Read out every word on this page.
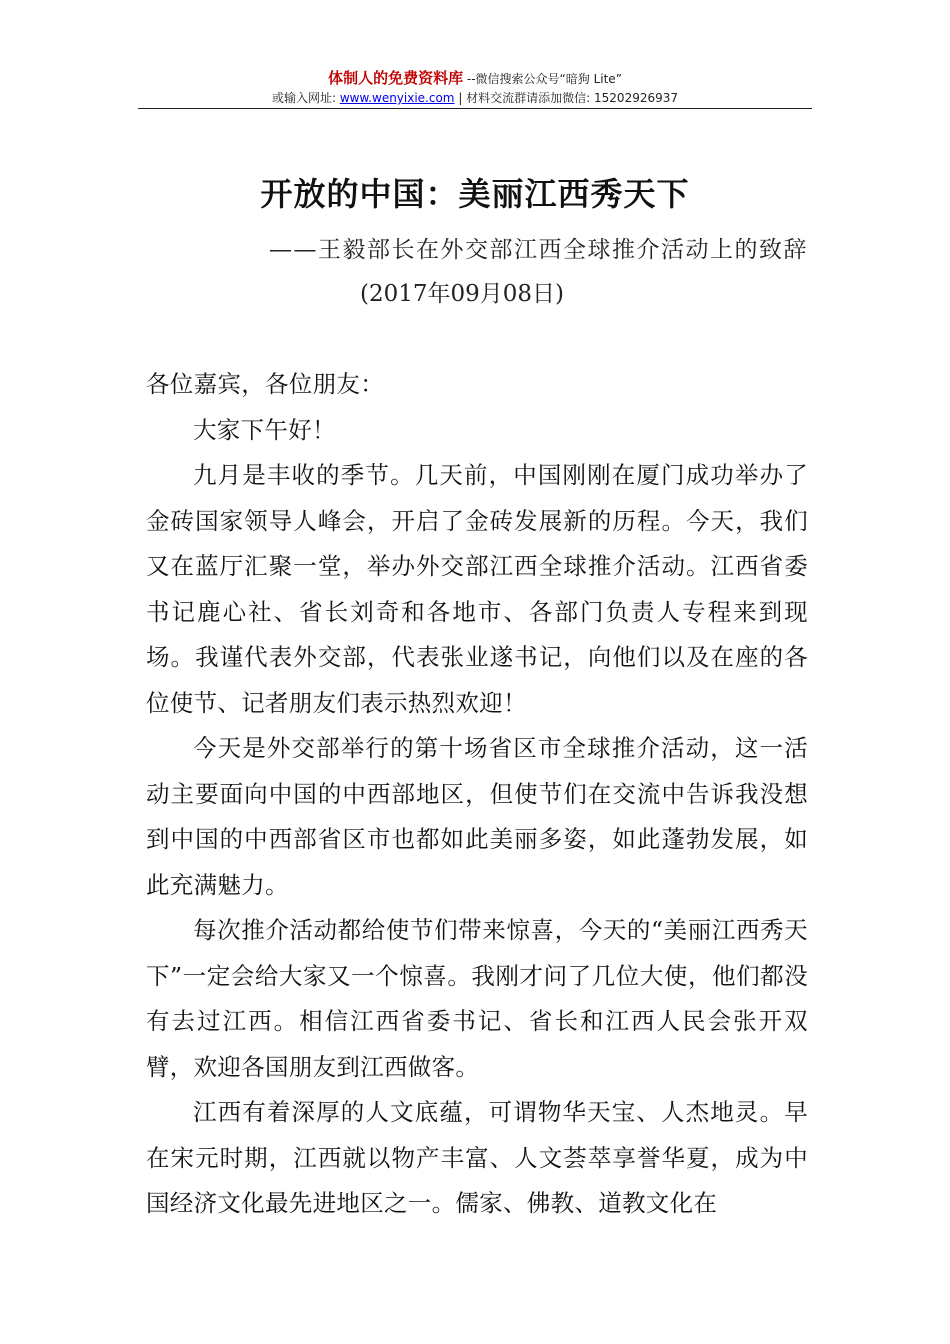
体制人的免费资料库 --微信搜索公众号“暗狗 Lite”
或输入网址: www.wenyixie.com | 材料交流群请添加微信: 15202926937
开放的中国：美丽江西秀天下
——王毅部长在外交部江西全球推介活动上的致辞
(2017年09月08日)

各位嘉宾，各位朋友：

大家下午好！

九月是丰收的季节。几天前，中国刚刚在厦门成功举办了金砖国家领导人峰会，开启了金砖发展新的历程。今天，我们又在蓝厅汇聚一堂，举办外交部江西全球推介活动。江西省委书记鹿心社、省长刘奇和各地市、各部门负责人专程来到现场。我谨代表外交部，代表张业遂书记，向他们以及在座的各位使节、记者朋友们表示热烈欢迎！

今天是外交部举行的第十场省区市全球推介活动，这一活动主要面向中国的中西部地区，但使节们在交流中告诉我没想到中国的中西部省区市也都如此美丽多姿，如此蓬勃发展，如此充满魅力。

每次推介活动都给使节们带来惊喜，今天的“美丽江西秀天下”一定会给大家又一个惊喜。我刚才问了几位大使，他们都没有去过江西。相信江西省委书记、省长和江西人民会张开双臂，欢迎各国朋友到江西做客。

江西有着深厚的人文底蕴，可谓物华天宝、人杰地灵。早在宋元时期，江西就以物产丰富、人文荟萃享誉华夏，成为中国经济文化最先进地区之一。儒家、佛教、道教文化在
